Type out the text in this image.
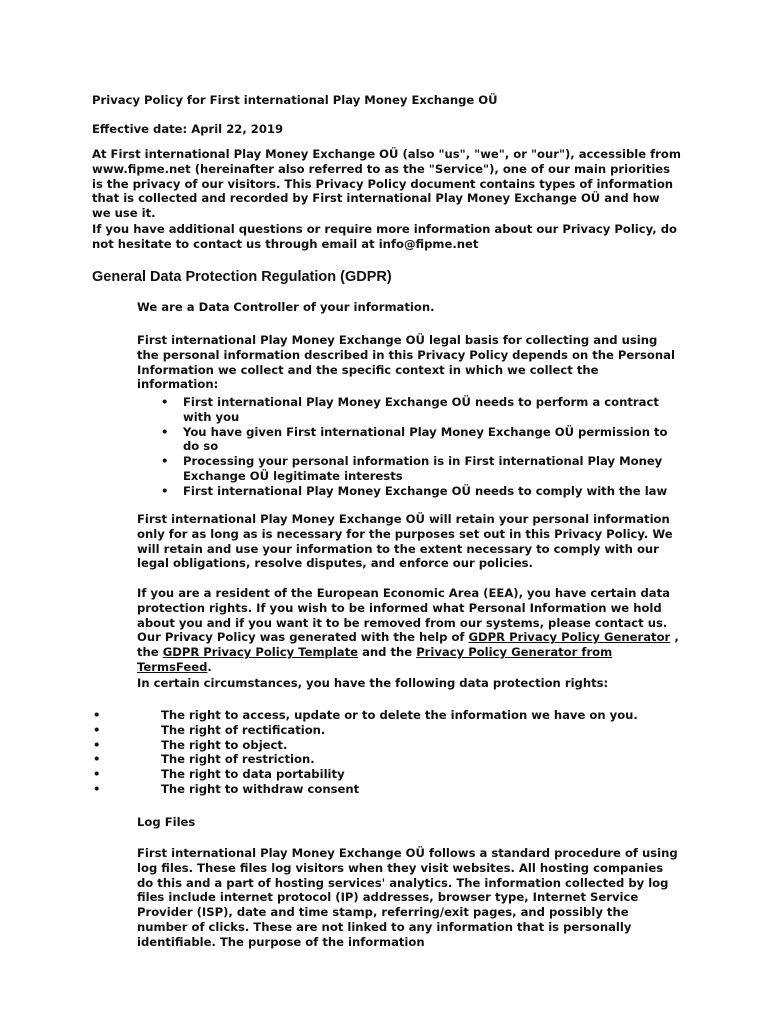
Privacy Policy for First international Play Money Exchange OÜ

Effective date: April 22, 2019

At First international Play Money Exchange OÜ (also "us", "we", or "our"), accessible from www.fipme.net (hereinafter also referred to as the "Service"), one of our main priorities is the privacy of our visitors. This Privacy Policy document contains types of information that is collected and recorded by First international Play Money Exchange OÜ and how we use it.

If you have additional questions or require more information about our Privacy Policy, do not hesitate to contact us through email at info@fipme.net

General Data Protection Regulation (GDPR)

We are a Data Controller of your information.

First international Play Money Exchange OÜ legal basis for collecting and using the personal information described in this Privacy Policy depends on the Personal Information we collect and the specific context in which we collect the information:

• First international Play Money Exchange OÜ needs to perform a contract with you
• You have given First international Play Money Exchange OÜ permission to do so
• Processing your personal information is in First international Play Money Exchange OÜ legitimate interests
• First international Play Money Exchange OÜ needs to comply with the law

First international Play Money Exchange OÜ will retain your personal information only for as long as is necessary for the purposes set out in this Privacy Policy. We will retain and use your information to the extent necessary to comply with our legal obligations, resolve disputes, and enforce our policies.

If you are a resident of the European Economic Area (EEA), you have certain data protection rights. If you wish to be informed what Personal Information we hold about you and if you want it to be removed from our systems, please contact us. Our Privacy Policy was generated with the help of GDPR Privacy Policy Generator , the GDPR Privacy Policy Template and the Privacy Policy Generator from TermsFeed.

In certain circumstances, you have the following data protection rights:

• The right to access, update or to delete the information we have on you.
• The right of rectification.
• The right to object.
• The right of restriction.
• The right to data portability
• The right to withdraw consent

Log Files

First international Play Money Exchange OÜ follows a standard procedure of using log files. These files log visitors when they visit websites. All hosting companies do this and a part of hosting services' analytics. The information collected by log files include internet protocol (IP) addresses, browser type, Internet Service Provider (ISP), date and time stamp, referring/exit pages, and possibly the number of clicks. These are not linked to any information that is personally identifiable. The purpose of the information
